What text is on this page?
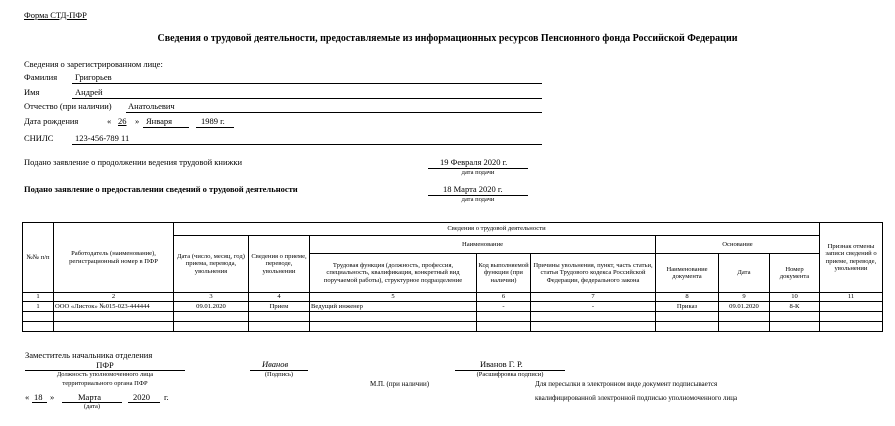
Форма СТД-ПФР
Сведения о трудовой деятельности, предоставляемые из информационных ресурсов Пенсионного фонда Российской Федерации
Сведения о зарегистрированном лице:
Фамилия Григорьев
Имя	Андрей
Отчество (при наличии) Анатольевич
Дата рождения	« 26 » Января	1989 г.
СНИЛС	123-456-789 11
Подано заявление о продолжении ведения трудовой книжки	19 Февраля 2020 г.
дата подачи
Подано заявление о предоставлении сведений о трудовой деятельности	18 Марта 2020 г.
дата подачи
№№ п/п	Работодатель (наименование), регистрационный номер в ПФР	Сведения о трудовой деятельности								Признак отмены записи сведений о приеме, переводе, увольнении
		Дата (число, месяц, год) приема, перевода, увольнения	Сведения о приеме, переводе, увольнении	Наименование			Основание			
				Трудовая функция (должность, профессия, специальность, квалификация, конкретный вид поручаемой работы), структурное подразделение	Код выполняемой функции (при наличии)	Причины увольнения, пункт, часть статьи, статья Трудового кодекса Российской Федерации, федерального закона	Наименование документа	Дата	Номер документа	
1	2	3	4	5	6	7	8	9	10	11
1	ООО «Листок» №015-023-444444	09.01.2020	Прием	Ведущий инженер	-	-	Приказ	09.01.2020	8-К	

Заместитель начальника отделения
ПФР
Должность уполномоченного лица
территориального органа ПФР
Иванов
(Подпись)
Иванов Г. Р.
(Расшифровка подписи)
М.П. (при наличии)	Для пересылки в электронном виде документ подписывается
квалифицированной электронной подписью уполномоченного лица
« 18 »	Марта
(дата)
2020 г.
